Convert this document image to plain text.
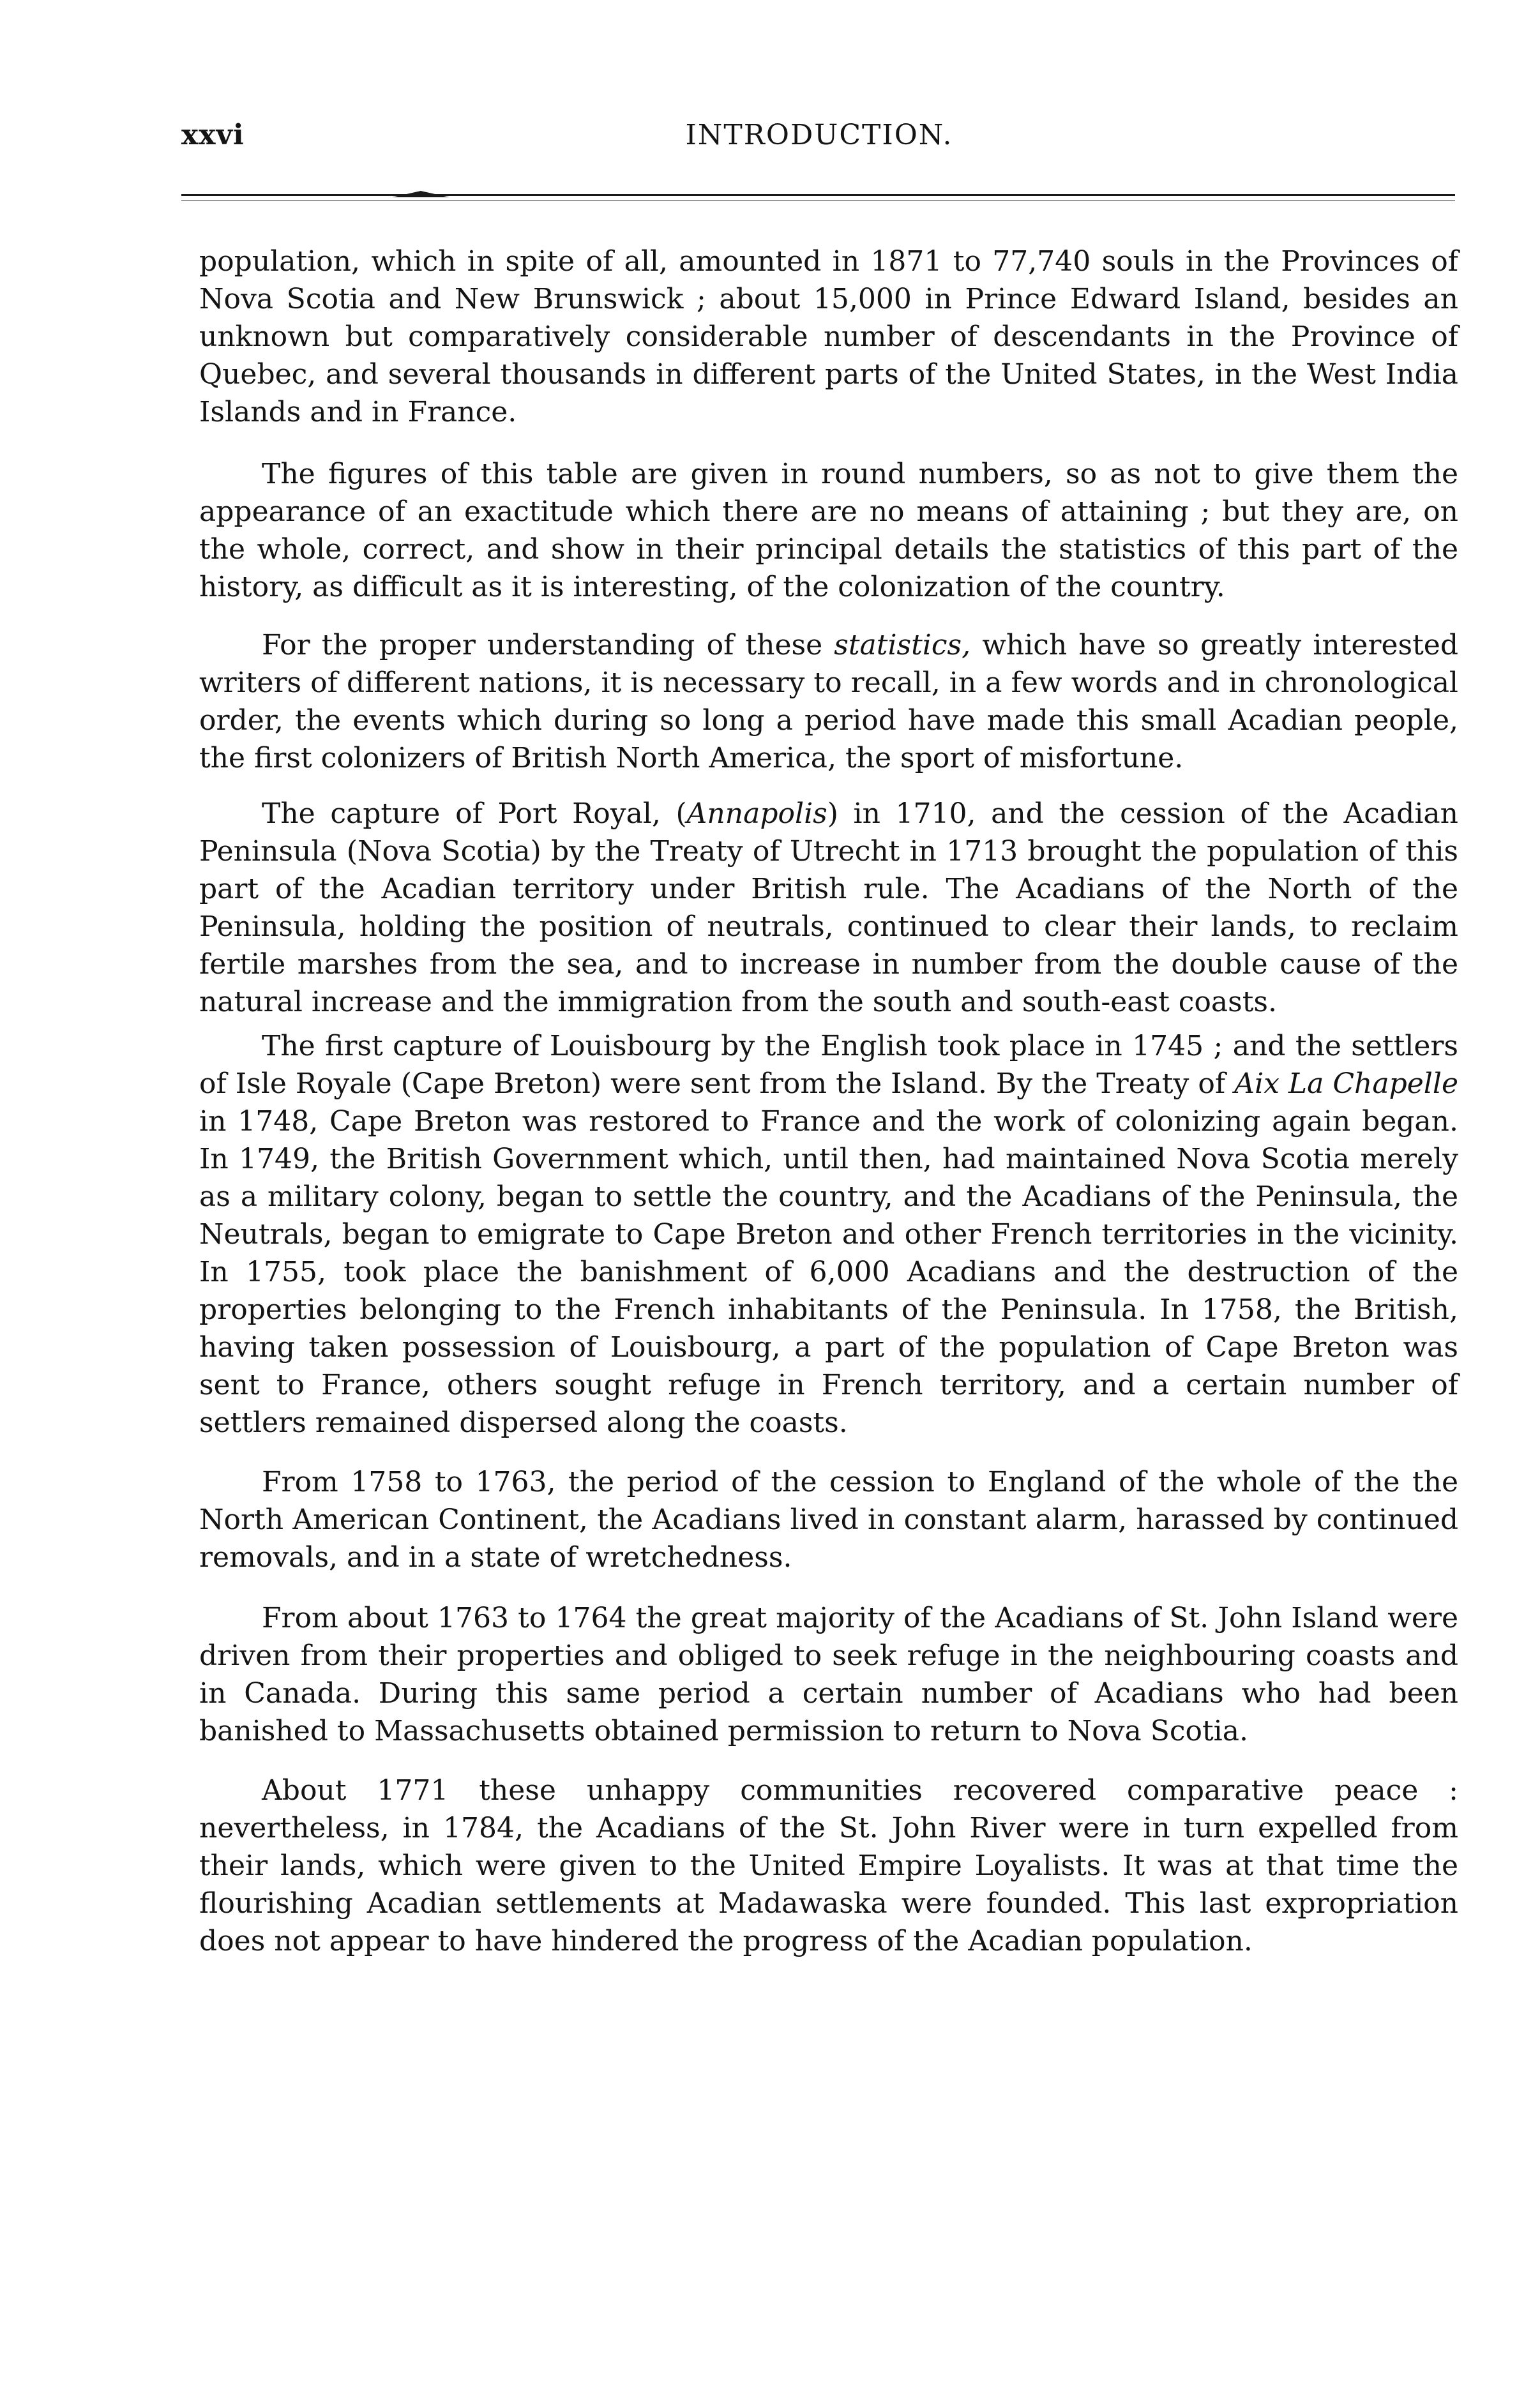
xxvi	INTRODUCTION.

population, which in spite of all, amounted in 1871 to 77,740 souls in the Provinces of Nova Scotia and New Brunswick ; about 15,000 in Prince Edward Island, besides an unknown but comparatively considerable number of descendants in the Province of Quebec, and several thousands in different parts of the United States, in the West India Islands and in France.

The figures of this table are given in round numbers, so as not to give them the appearance of an exactitude which there are no means of attaining ; but they are, on the whole, correct, and show in their principal details the statistics of this part of the history, as difficult as it is interesting, of the colonization of the country.

For the proper understanding of these statistics, which have so greatly interested writers of different nations, it is necessary to recall, in a few words and in chronological order, the events which during so long a period have made this small Acadian people, the first colonizers of British North America, the sport of misfortune.

The capture of Port Royal, (Annapolis) in 1710, and the cession of the Acadian Peninsula (Nova Scotia) by the Treaty of Utrecht in 1713 brought the population of this part of the Acadian territory under British rule. The Acadians of the North of the Peninsula, holding the position of neutrals, continued to clear their lands, to reclaim fertile marshes from the sea, and to increase in number from the double cause of the natural increase and the immigration from the south and south-east coasts.

The first capture of Louisbourg by the English took place in 1745 ; and the settlers of Isle Royale (Cape Breton) were sent from the Island. By the Treaty of Aix La Chapelle in 1748, Cape Breton was restored to France and the work of colonizing again began. In 1749, the British Government which, until then, had maintained Nova Scotia merely as a military colony, began to settle the country, and the Acadians of the Peninsula, the Neutrals, began to emigrate to Cape Breton and other French territories in the vicinity. In 1755, took place the banishment of 6,000 Acadians and the destruction of the properties belonging to the French inhabitants of the Peninsula. In 1758, the British, having taken possession of Louisbourg, a part of the population of Cape Breton was sent to France, others sought refuge in French territory, and a certain number of settlers remained dispersed along the coasts.

From 1758 to 1763, the period of the cession to England of the whole of the the North American Continent, the Acadians lived in constant alarm, harassed by continued removals, and in a state of wretchedness.

From about 1763 to 1764 the great majority of the Acadians of St. John Island were driven from their properties and obliged to seek refuge in the neighbouring coasts and in Canada. During this same period a certain number of Acadians who had been banished to Massachusetts obtained permission to return to Nova Scotia.

About 1771 these unhappy communities recovered comparative peace : nevertheless, in 1784, the Acadians of the St. John River were in turn expelled from their lands, which were given to the United Empire Loyalists. It was at that time the flourishing Acadian settlements at Madawaska were founded. This last expropriation does not appear to have hindered the progress of the Acadian population.
